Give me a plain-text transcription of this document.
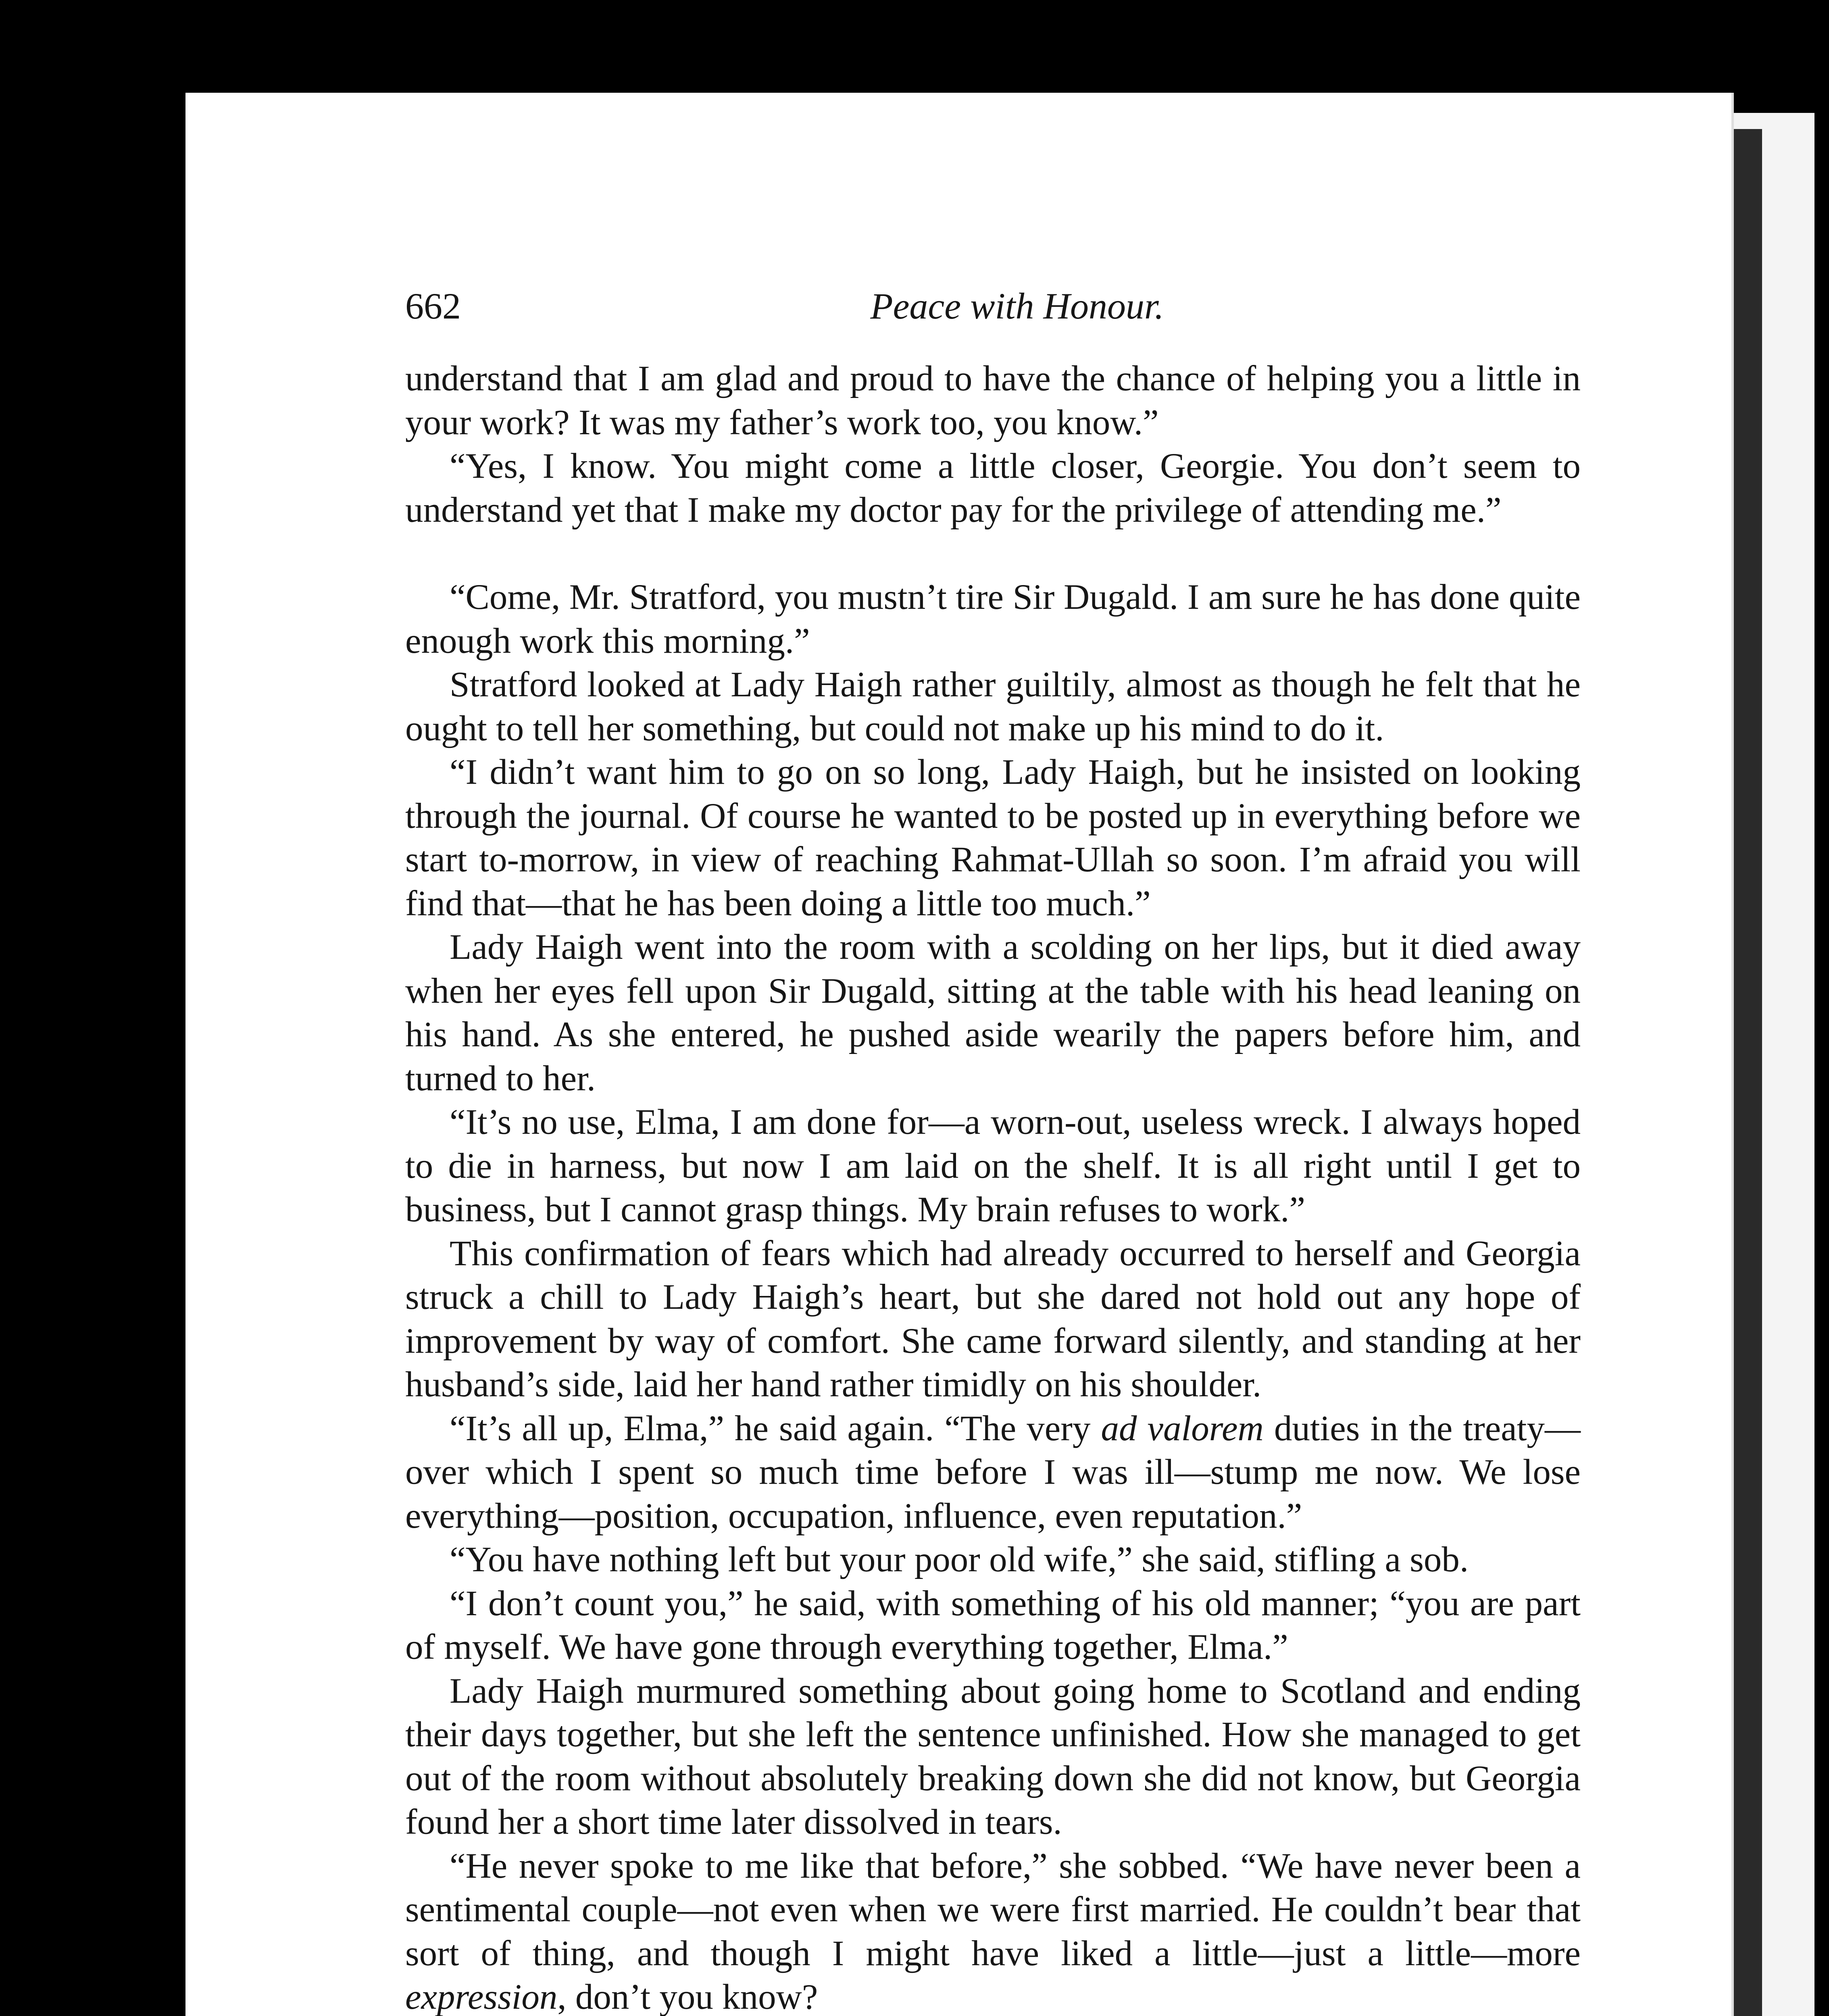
662	Peace with Honour.

understand that I am glad and proud to have the chance of helping you a little in your work? It was my father’s work too, you know.”

“Yes, I know. You might come a little closer, Georgie. You don’t seem to understand yet that I make my doctor pay for the privilege of attending me.”

“Come, Mr. Stratford, you mustn’t tire Sir Dugald. I am sure he has done quite enough work this morning.”

Stratford looked at Lady Haigh rather guiltily, almost as though he felt that he ought to tell her something, but could not make up his mind to do it.

“I didn’t want him to go on so long, Lady Haigh, but he insisted on looking through the journal. Of course he wanted to be posted up in everything before we start to-morrow, in view of reaching Rahmat-Ullah so soon. I’m afraid you will find that—that he has been doing a little too much.”

Lady Haigh went into the room with a scolding on her lips, but it died away when her eyes fell upon Sir Dugald, sitting at the table with his head leaning on his hand. As she entered, he pushed aside wearily the papers before him, and turned to her.

“It’s no use, Elma, I am done for—a worn-out, useless wreck. I always hoped to die in harness, but now I am laid on the shelf. It is all right until I get to business, but I cannot grasp things. My brain refuses to work.”

This confirmation of fears which had already occurred to herself and Georgia struck a chill to Lady Haigh’s heart, but she dared not hold out any hope of improvement by way of comfort. She came forward silently, and standing at her husband’s side, laid her hand rather timidly on his shoulder.

“It’s all up, Elma,” he said again. “The very ad valorem duties in the treaty—over which I spent so much time before I was ill—stump me now. We lose everything—position, occupation, influence, even reputation.”

“You have nothing left but your poor old wife,” she said, stifling a sob.

“I don’t count you,” he said, with something of his old manner; “you are part of myself. We have gone through everything together, Elma.”

Lady Haigh murmured something about going home to Scotland and ending their days together, but she left the sentence unfinished. How she managed to get out of the room without absolutely breaking down she did not know, but Georgia found her a short time later dissolved in tears.

“He never spoke to me like that before,” she sobbed. “We have never been a sentimental couple—not even when we were first married. He couldn’t bear that sort of thing, and though I might have liked a little—just a little—more expression, don’t you know?
